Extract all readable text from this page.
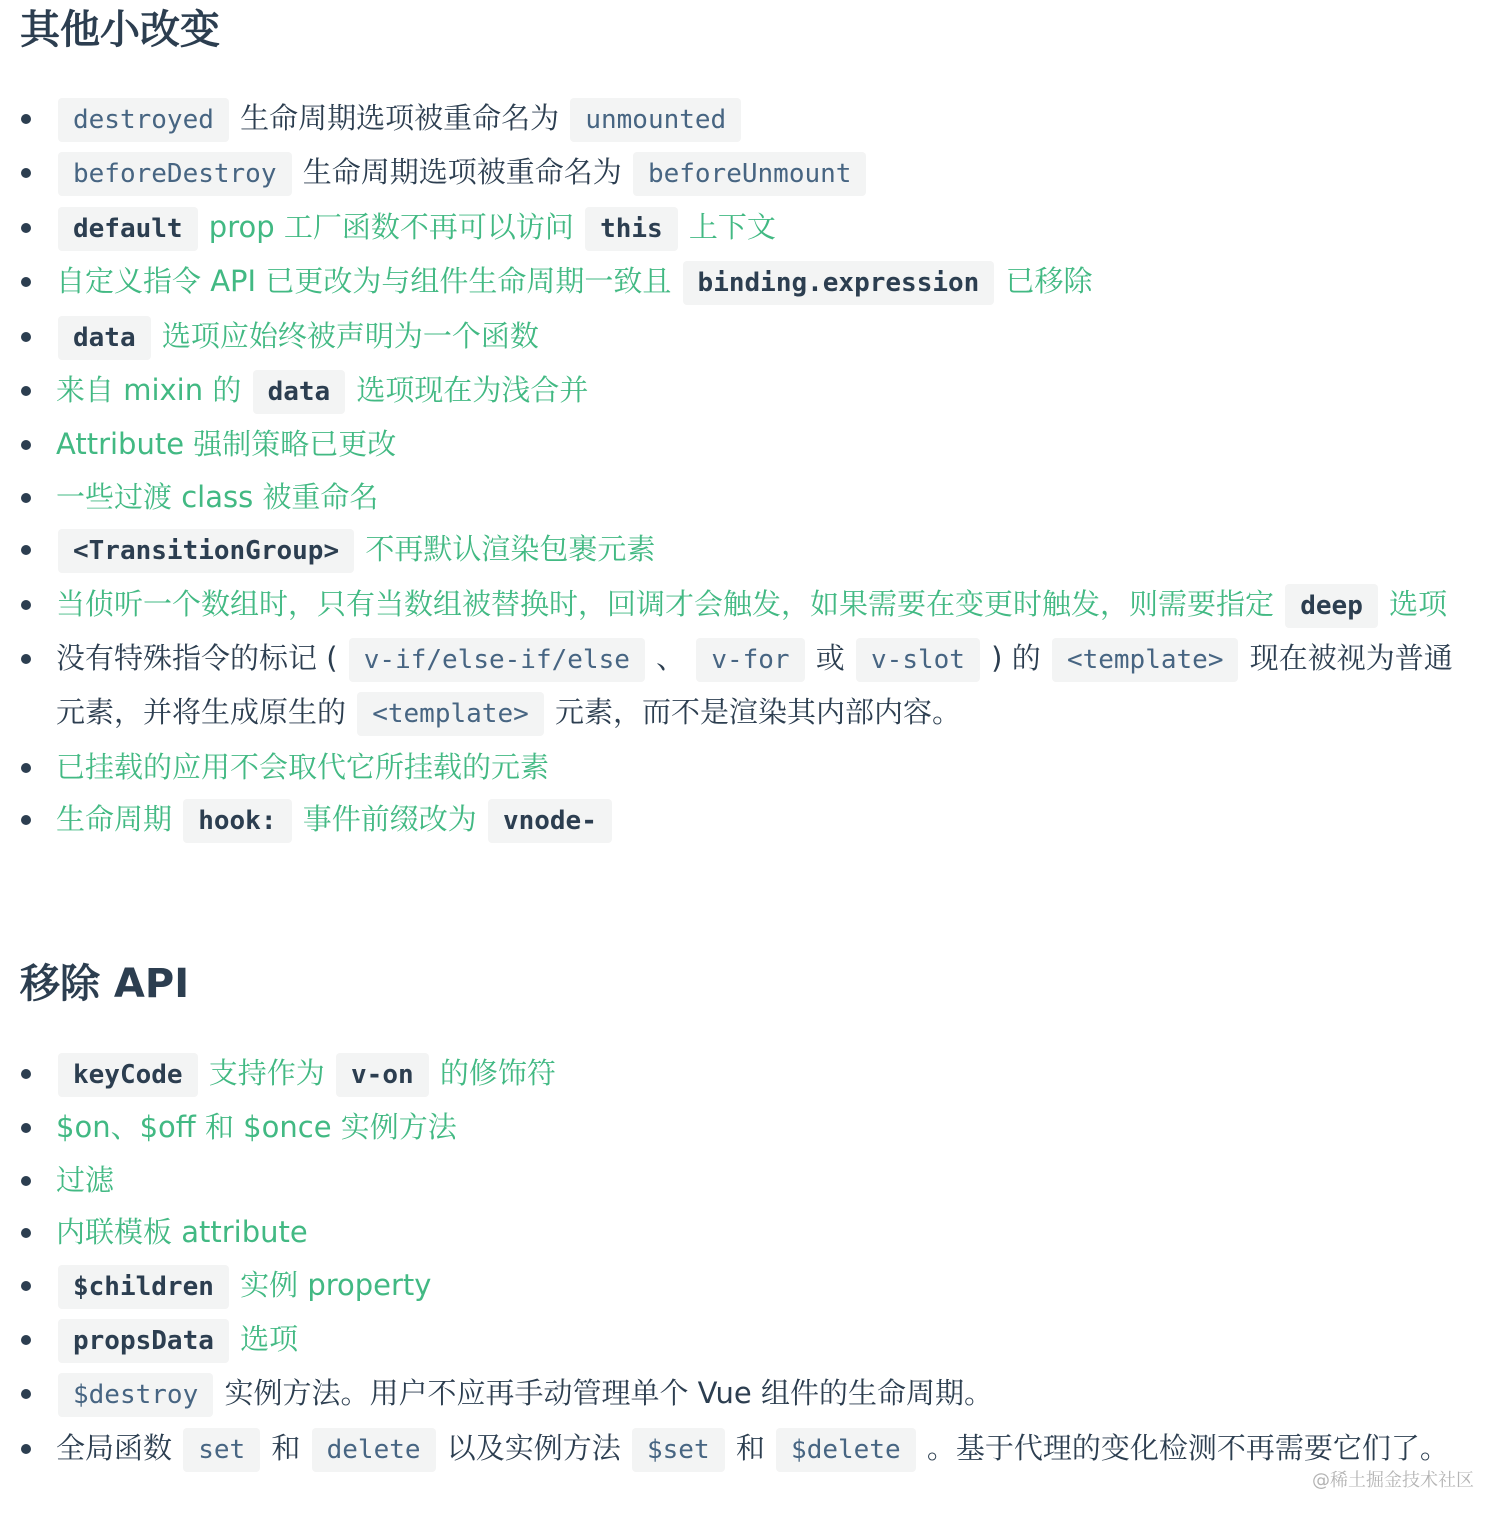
其他小改变
destroyed 生命周期选项被重命名为 unmounted
beforeDestroy 生命周期选项被重命名为 beforeUnmount
default prop 工厂函数不再可以访问 this 上下文
自定义指令 API 已更改为与组件生命周期一致且 binding.expression 已移除
data 选项应始终被声明为一个函数
来自 mixin 的 data 选项现在为浅合并
Attribute 强制策略已更改
一些过渡 class 被重命名
<TransitionGroup> 不再默认渲染包裹元素
当侦听一个数组时，只有当数组被替换时，回调才会触发，如果需要在变更时触发，则需要指定 deep 选项
没有特殊指令的标记 ( v-if/else-if/else 、 v-for 或 v-slot ) 的 <template> 现在被视为普通元素，并将生成原生的 <template> 元素，而不是渲染其内部内容。
已挂载的应用不会取代它所挂载的元素
生命周期 hook: 事件前缀改为 vnode-
移除 API
keyCode 支持作为 v-on 的修饰符
$on、$off 和 $once 实例方法
过滤
内联模板 attribute
$children 实例 property
propsData 选项
$destroy 实例方法。用户不应再手动管理单个 Vue 组件的生命周期。
全局函数 set 和 delete 以及实例方法 $set 和 $delete 。基于代理的变化检测不再需要它们了。
@稀土掘金技术社区
